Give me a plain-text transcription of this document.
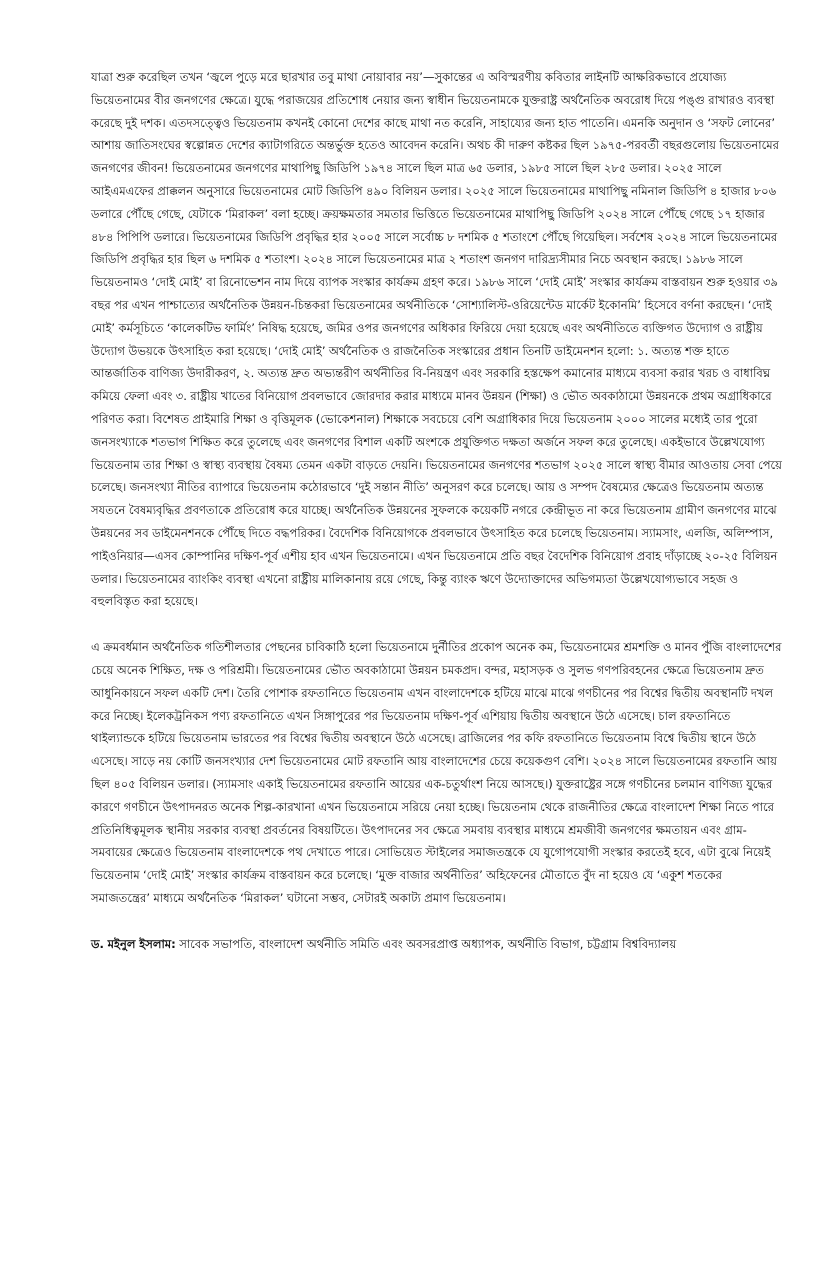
যাত্রা শুরু করেছিল তখন ‘জ্বলে পুড়ে মরে ছারখার তবু মাথা নোয়াবার নয়’—সুকান্তের এ অবিস্মরণীয় কবিতার লাইনটি আক্ষরিকভাবে প্রযোজ্য ভিয়েতনামের বীর জনগণের ক্ষেত্রে। যুদ্ধে পরাজয়ের প্রতিশোধ নেয়ার জন্য স্বাধীন ভিয়েতনামকে যুক্তরাষ্ট্র অর্থনৈতিক অবরোধ দিয়ে পঙ্গু রাখারও ব্যবস্থা করেছে দুই দশক। এতদসত্ত্বেও ভিয়েতনাম কখনই কোনো দেশের কাছে মাথা নত করেনি, সাহায্যের জন্য হাত পাতেনি। এমনকি অনুদান ও ‘সফট লোনের’ আশায় জাতিসংঘের স্বল্পোন্নত দেশের ক্যাটাগরিতে অন্তর্ভুক্ত হতেও আবেদন করেনি। অথচ কী দারুণ কষ্টকর ছিল ১৯৭৫-পরবর্তী বছরগুলোয় ভিয়েতনামের জনগণের জীবন! ভিয়েতনামের জনগণের মাথাপিছু জিডিপি ১৯৭৪ সালে ছিল মাত্র ৬৫ ডলার, ১৯৮৫ সালে ছিল ২৮৫ ডলার। ২০২৫ সালে আইএমএফের প্রাক্কলন অনুসারে ভিয়েতনামের মোট জিডিপি ৪৯০ বিলিয়ন ডলার। ২০২৫ সালে ভিয়েতনামের মাথাপিছু নমিনাল জিডিপি ৪ হাজার ৮০৬ ডলারে পৌঁছে গেছে, যেটাকে ‘মিরাকল’ বলা হচ্ছে। ক্রয়ক্ষমতার সমতার ভিত্তিতে ভিয়েতনামের মাথাপিছু জিডিপি ২০২৪ সালে পৌঁছে গেছে ১৭ হাজার ৪৮৪ পিপিপি ডলারে। ভিয়েতনামের জিডিপি প্রবৃদ্ধির হার ২০০৫ সালে সর্বোচ্চ ৮ দশমিক ৫ শতাংশে পৌঁছে গিয়েছিল। সর্বশেষ ২০২৪ সালে ভিয়েতনামের জিডিপি প্রবৃদ্ধির হার ছিল ৬ দশমিক ৫ শতাংশ। ২০২৪ সালে ভিয়েতনামের মাত্র ২ শতাংশ জনগণ দারিদ্র্যসীমার নিচে অবস্থান করছে। ১৯৮৬ সালে ভিয়েতনামও ‘দোই মোই’ বা রিনোভেশন নাম দিয়ে ব্যাপক সংস্কার কার্যক্রম গ্রহণ করে। ১৯৮৬ সালে ‘দোই মোই’ সংস্কার কার্যক্রম বাস্তবায়ন শুরু হওয়ার ৩৯ বছর পর এখন পাশ্চাত্যের অর্থনৈতিক উন্নয়ন-চিন্তকরা ভিয়েতনামের অর্থনীতিকে ‘সোশ্যালিস্ট-ওরিয়েন্টেড মার্কেট ইকোনমি’ হিসেবে বর্ণনা করছেন। ‘দোই মোই’ কর্মসূচিতে ‘কালেকটিভ ফার্মিং’ নিষিদ্ধ হয়েছে, জমির ওপর জনগণের অধিকার ফিরিয়ে দেয়া হয়েছে এবং অর্থনীতিতে ব্যক্তিগত উদ্যোগ ও রাষ্ট্রীয় উদ্যোগ উভয়কে উৎসাহিত করা হয়েছে। ‘দোই মোই’ অর্থনৈতিক ও রাজনৈতিক সংস্কারের প্রধান তিনটি ডাইমেনশন হলো: ১. অত্যন্ত শক্ত হাতে আন্তর্জাতিক বাণিজ্য উদারীকরণ, ২. অত্যন্ত দ্রুত অভ্যন্তরীণ অর্থনীতির বি-নিয়ন্ত্রণ এবং সরকারি হস্তক্ষেপ কমানোর মাধ্যমে ব্যবসা করার খরচ ও বাধাবিঘ্ন কমিয়ে ফেলা এবং ৩. রাষ্ট্রীয় খাতের বিনিয়োগ প্রবলভাবে জোরদার করার মাধ্যমে মানব উন্নয়ন (শিক্ষা) ও ভৌত অবকাঠামো উন্নয়নকে প্রথম অগ্রাধিকারে পরিণত করা। বিশেষত প্রাইমারি শিক্ষা ও বৃত্তিমূলক (ভোকেশনাল) শিক্ষাকে সবচেয়ে বেশি অগ্রাধিকার দিয়ে ভিয়েতনাম ২০০০ সালের মধ্যেই তার পুরো জনসংখ্যাকে শতভাগ শিক্ষিত করে তুলেছে এবং জনগণের বিশাল একটি অংশকে প্রযুক্তিগত দক্ষতা অর্জনে সফল করে তুলেছে। একইভাবে উল্লেখযোগ্য ভিয়েতনাম তার শিক্ষা ও স্বাস্থ্য ব্যবস্থায় বৈষম্য তেমন একটা বাড়তে দেয়নি। ভিয়েতনামের জনগণের শতভাগ ২০২৫ সালে স্বাস্থ্য বীমার আওতায় সেবা পেয়ে চলেছে। জনসংখ্যা নীতির ব্যাপারে ভিয়েতনাম কঠোরভাবে ‘দুই সন্তান নীতি’ অনুসরণ করে চলেছে। আয় ও সম্পদ বৈষম্যের ক্ষেত্রেও ভিয়েতনাম অত্যন্ত সযতনে বৈষম্যবৃদ্ধির প্রবণতাকে প্রতিরোধ করে যাচ্ছে। অর্থনৈতিক উন্নয়নের সুফলকে কয়েকটি নগরে কেন্দ্রীভূত না করে ভিয়েতনাম গ্রামীণ জনগণের মাঝে উন্নয়নের সব ডাইমেনশনকে পৌঁছে দিতে বদ্ধপরিকর। বৈদেশিক বিনিয়োগকে প্রবলভাবে উৎসাহিত করে চলেছে ভিয়েতনাম। স্যামসাং, এলজি, অলিম্পাস, পাইওনিয়ার—এসব কোম্পানির দক্ষিণ-পূর্ব এশীয় হাব এখন ভিয়েতনামে। এখন ভিয়েতনামে প্রতি বছর বৈদেশিক বিনিয়োগ প্রবাহ দাঁড়াচ্ছে ২০-২৫ বিলিয়ন ডলার। ভিয়েতনামের ব্যাংকিং ব্যবস্থা এখনো রাষ্ট্রীয় মালিকানায় রয়ে গেছে, কিন্তু ব্যাংক ঋণে উদ্যোক্তাদের অভিগম্যতা উল্লেখযোগ্যভাবে সহজ ও বহুলবিস্তৃত করা হয়েছে।

এ ক্রমবর্ধমান অর্থনৈতিক গতিশীলতার পেছনের চাবিকাঠি হলো ভিয়েতনামে দুর্নীতির প্রকোপ অনেক কম, ভিয়েতনামের শ্রমশক্তি ও মানব পুঁজি বাংলাদেশের চেয়ে অনেক শিক্ষিত, দক্ষ ও পরিশ্রমী। ভিয়েতনামের ভৌত অবকাঠামো উন্নয়ন চমকপ্রদ। বন্দর, মহাসড়ক ও সুলভ গণপরিবহনের ক্ষেত্রে ভিয়েতনাম দ্রুত আধুনিকায়নে সফল একটি দেশ। তৈরি পোশাক রফতানিতে ভিয়েতনাম এখন বাংলাদেশকে হটিয়ে মাঝে মাঝে গণচীনের পর বিশ্বের দ্বিতীয় অবস্থানটি দখল করে নিচ্ছে। ইলেকট্রনিকস পণ্য রফতানিতে এখন সিঙ্গাপুরের পর ভিয়েতনাম দক্ষিণ-পূর্ব এশিয়ায় দ্বিতীয় অবস্থানে উঠে এসেছে। চাল রফতানিতে থাইল্যান্ডকে হটিয়ে ভিয়েতনাম ভারতের পর বিশ্বের দ্বিতীয় অবস্থানে উঠে এসেছে। ব্রাজিলের পর কফি রফতানিতে ভিয়েতনাম বিশ্বে দ্বিতীয় স্থানে উঠে এসেছে। সাড়ে নয় কোটি জনসংখ্যার দেশ ভিয়েতনামের মোট রফতানি আয় বাংলাদেশের চেয়ে কয়েকগুণ বেশি। ২০২৪ সালে ভিয়েতনামের রফতানি আয় ছিল ৪০৫ বিলিয়ন ডলার। (স্যামসাং একাই ভিয়েতনামের রফতানি আয়ের এক-চতুর্থাংশ নিয়ে আসছে।) যুক্তরাষ্ট্রের সঙ্গে গণচীনের চলমান বাণিজ্য যুদ্ধের কারণে গণচীনে উৎপাদনরত অনেক শিল্প-কারখানা এখন ভিয়েতনামে সরিয়ে নেয়া হচ্ছে। ভিয়েতনাম থেকে রাজনীতির ক্ষেত্রে বাংলাদেশ শিক্ষা নিতে পারে প্রতিনিধিত্বমূলক স্থানীয় সরকার ব্যবস্থা প্রবর্তনের বিষয়টিতে। উৎপাদনের সব ক্ষেত্রে সমবায় ব্যবস্থার মাধ্যমে শ্রমজীবী জনগণের ক্ষমতায়ন এবং গ্রাম-সমবায়ের ক্ষেত্রেও ভিয়েতনাম বাংলাদেশকে পথ দেখাতে পারে। সোভিয়েত স্টাইলের সমাজতন্ত্রকে যে যুগোপযোগী সংস্কার করতেই হবে, এটা বুঝে নিয়েই ভিয়েতনাম ‘দোই মোই’ সংস্কার কার্যক্রম বাস্তবায়ন করে চলেছে। ‘মুক্ত বাজার অর্থনীতির’ অহিফেনের মৌতাতে বুঁদ না হয়েও যে ‘একুশ শতকের সমাজতন্ত্রের’ মাধ্যমে অর্থনৈতিক ‘মিরাকল’ ঘটানো সম্ভব, সেটারই অকাট্য প্রমাণ ভিয়েতনাম।

ড. মইনুল ইসলাম: সাবেক সভাপতি, বাংলাদেশ অর্থনীতি সমিতি এবং অবসরপ্রাপ্ত অধ্যাপক, অর্থনীতি বিভাগ, চট্টগ্রাম বিশ্ববিদ্যালয়
